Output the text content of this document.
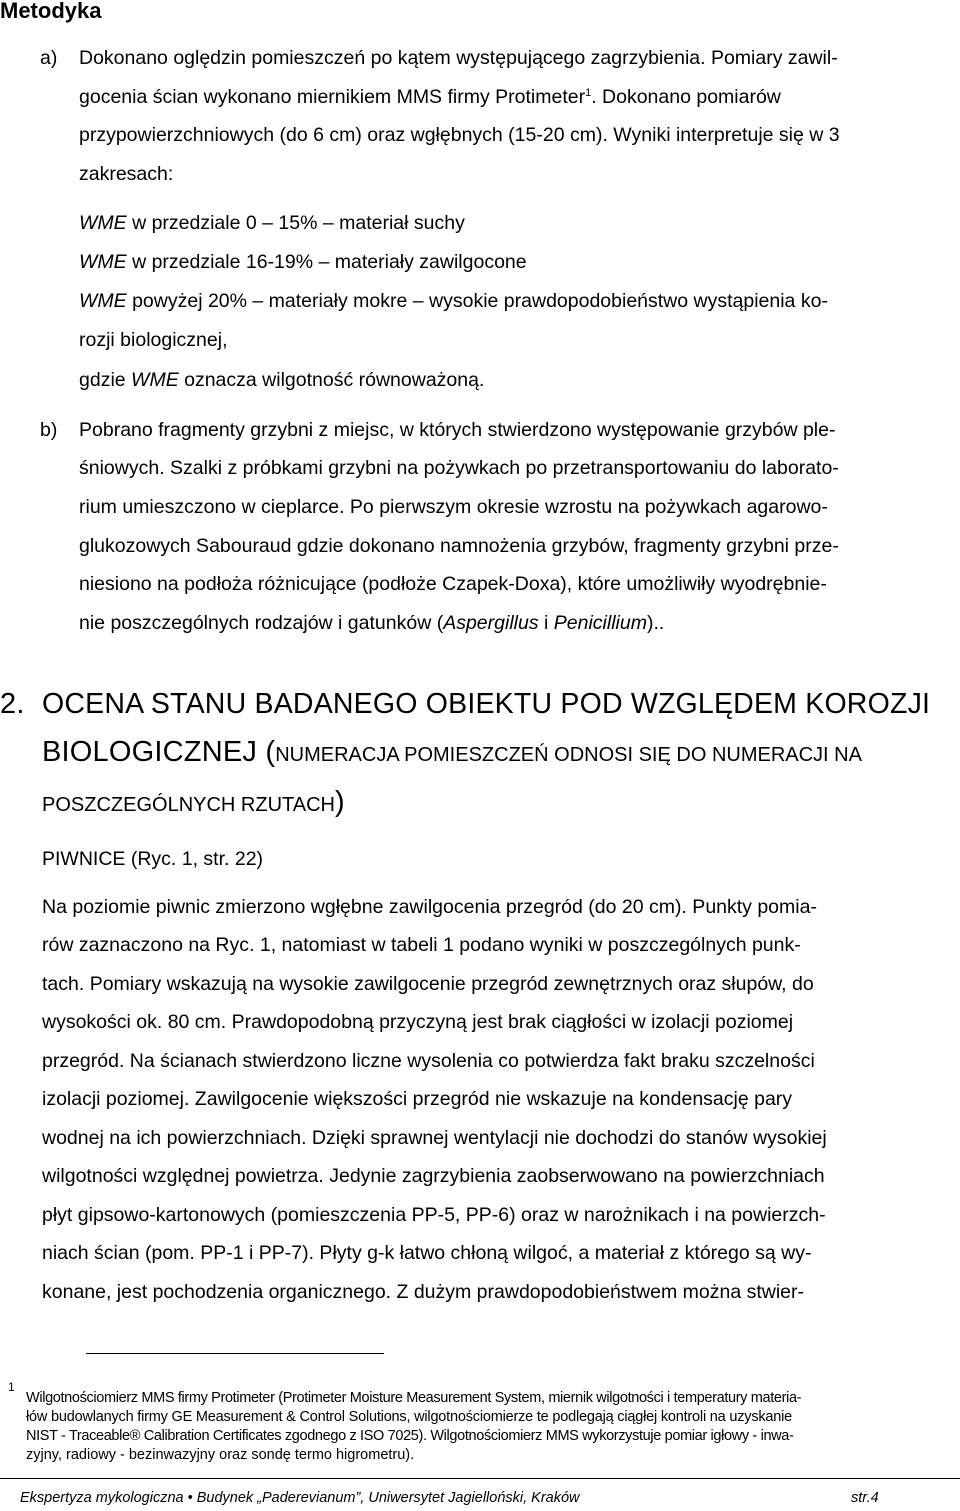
Metodyka
a) Dokonano oględzin pomieszczeń po kątem występującego zagrzybienia. Pomiary zawil-
gocenia ścian wykonano miernikiem MMS firmy Protimeter$^1$. Dokonano pomiarów
przypowierzchniowych (do 6 cm) oraz wgłębnych (15-20 cm). Wyniki interpretuje się w 3
zakresach:
WME w przedziale 0 – 15% – materiał suchy
WME w przedziale 16-19% – materiały zawilgocone
WME powyżej 20% – materiały mokre – wysokie prawdopodobieństwo wystąpienia ko-
rozji biologicznej,
gdzie WME oznacza wilgotność równoważoną.
b) Pobrano fragmenty grzybni z miejsc, w których stwierdzono występowanie grzybów ple-
śniowych. Szalki z próbkami grzybni na pożywkach po przetransportowaniu do laborato-
rium umieszczono w cieplarce. Po pierwszym okresie wzrostu na pożywkach agarowo-
glukozowych Sabouraud gdzie dokonano namnożenia grzybów, fragmenty grzybni prze-
niesiono na podłoża różnicujące (podłoże Czapek-Doxa), które umożliwiły wyodrębnie-
nie poszczególnych rodzajów i gatunków (Aspergillus i Penicillium)..
2. OCENA STANU BADANEGO OBIEKTU POD WZGLĘDEM KOROZJI
BIOLOGICZNEJ (NUMERACJA POMIESZCZEŃ ODNOSI SIĘ DO NUMERACJI NA
POSZCZEGÓLNYCH RZUTACH)
PIWNICE (Ryc. 1, str. 22)
Na poziomie piwnic zmierzono wgłębne zawilgocenia przegród (do 20 cm). Punkty pomia-
rów zaznaczono na Ryc. 1, natomiast w tabeli 1 podano wyniki w poszczególnych punk-
tach. Pomiary wskazują na wysokie zawilgocenie przegród zewnętrznych oraz słupów, do
wysokości ok. 80 cm. Prawdopodobną przyczyną jest brak ciągłości w izolacji poziomej
przegród. Na ścianach stwierdzono liczne wysolenia co potwierdza fakt braku szczelności
izolacji poziomej. Zawilgocenie większości przegród nie wskazuje na kondensację pary
wodnej na ich powierzchniach. Dzięki sprawnej wentylacji nie dochodzi do stanów wysokiej
wilgotności względnej powietrza. Jedynie zagrzybienia zaobserwowano na powierzchniach
płyt gipsowo-kartonowych (pomieszczenia PP-5, PP-6) oraz w narożnikach i na powierzch-
niach ścian (pom. PP-1 i PP-7). Płyty g-k łatwo chłoną wilgoć, a materiał z którego są wy-
konane, jest pochodzenia organicznego. Z dużym prawdopodobieństwem można stwier-
1
Wilgotnościomierz MMS firmy Protimeter (Protimeter Moisture Measurement System, miernik wilgotności i temperatury materia-
łów budowlanych firmy GE Measurement & Control Solutions, wilgotnościomierze te podlegają ciągłej kontroli na uzyskanie
NIST - Traceable® Calibration Certificates zgodnego z ISO 7025). Wilgotnościomierz MMS wykorzystuje pomiar igłowy - inwa-
zyjny, radiowy - bezinwazyjny oraz sondę termo higrometru).
Ekspertyza mykologiczna • Budynek „Paderevianum”, Uniwersytet Jagielloński, Kraków	str.4
